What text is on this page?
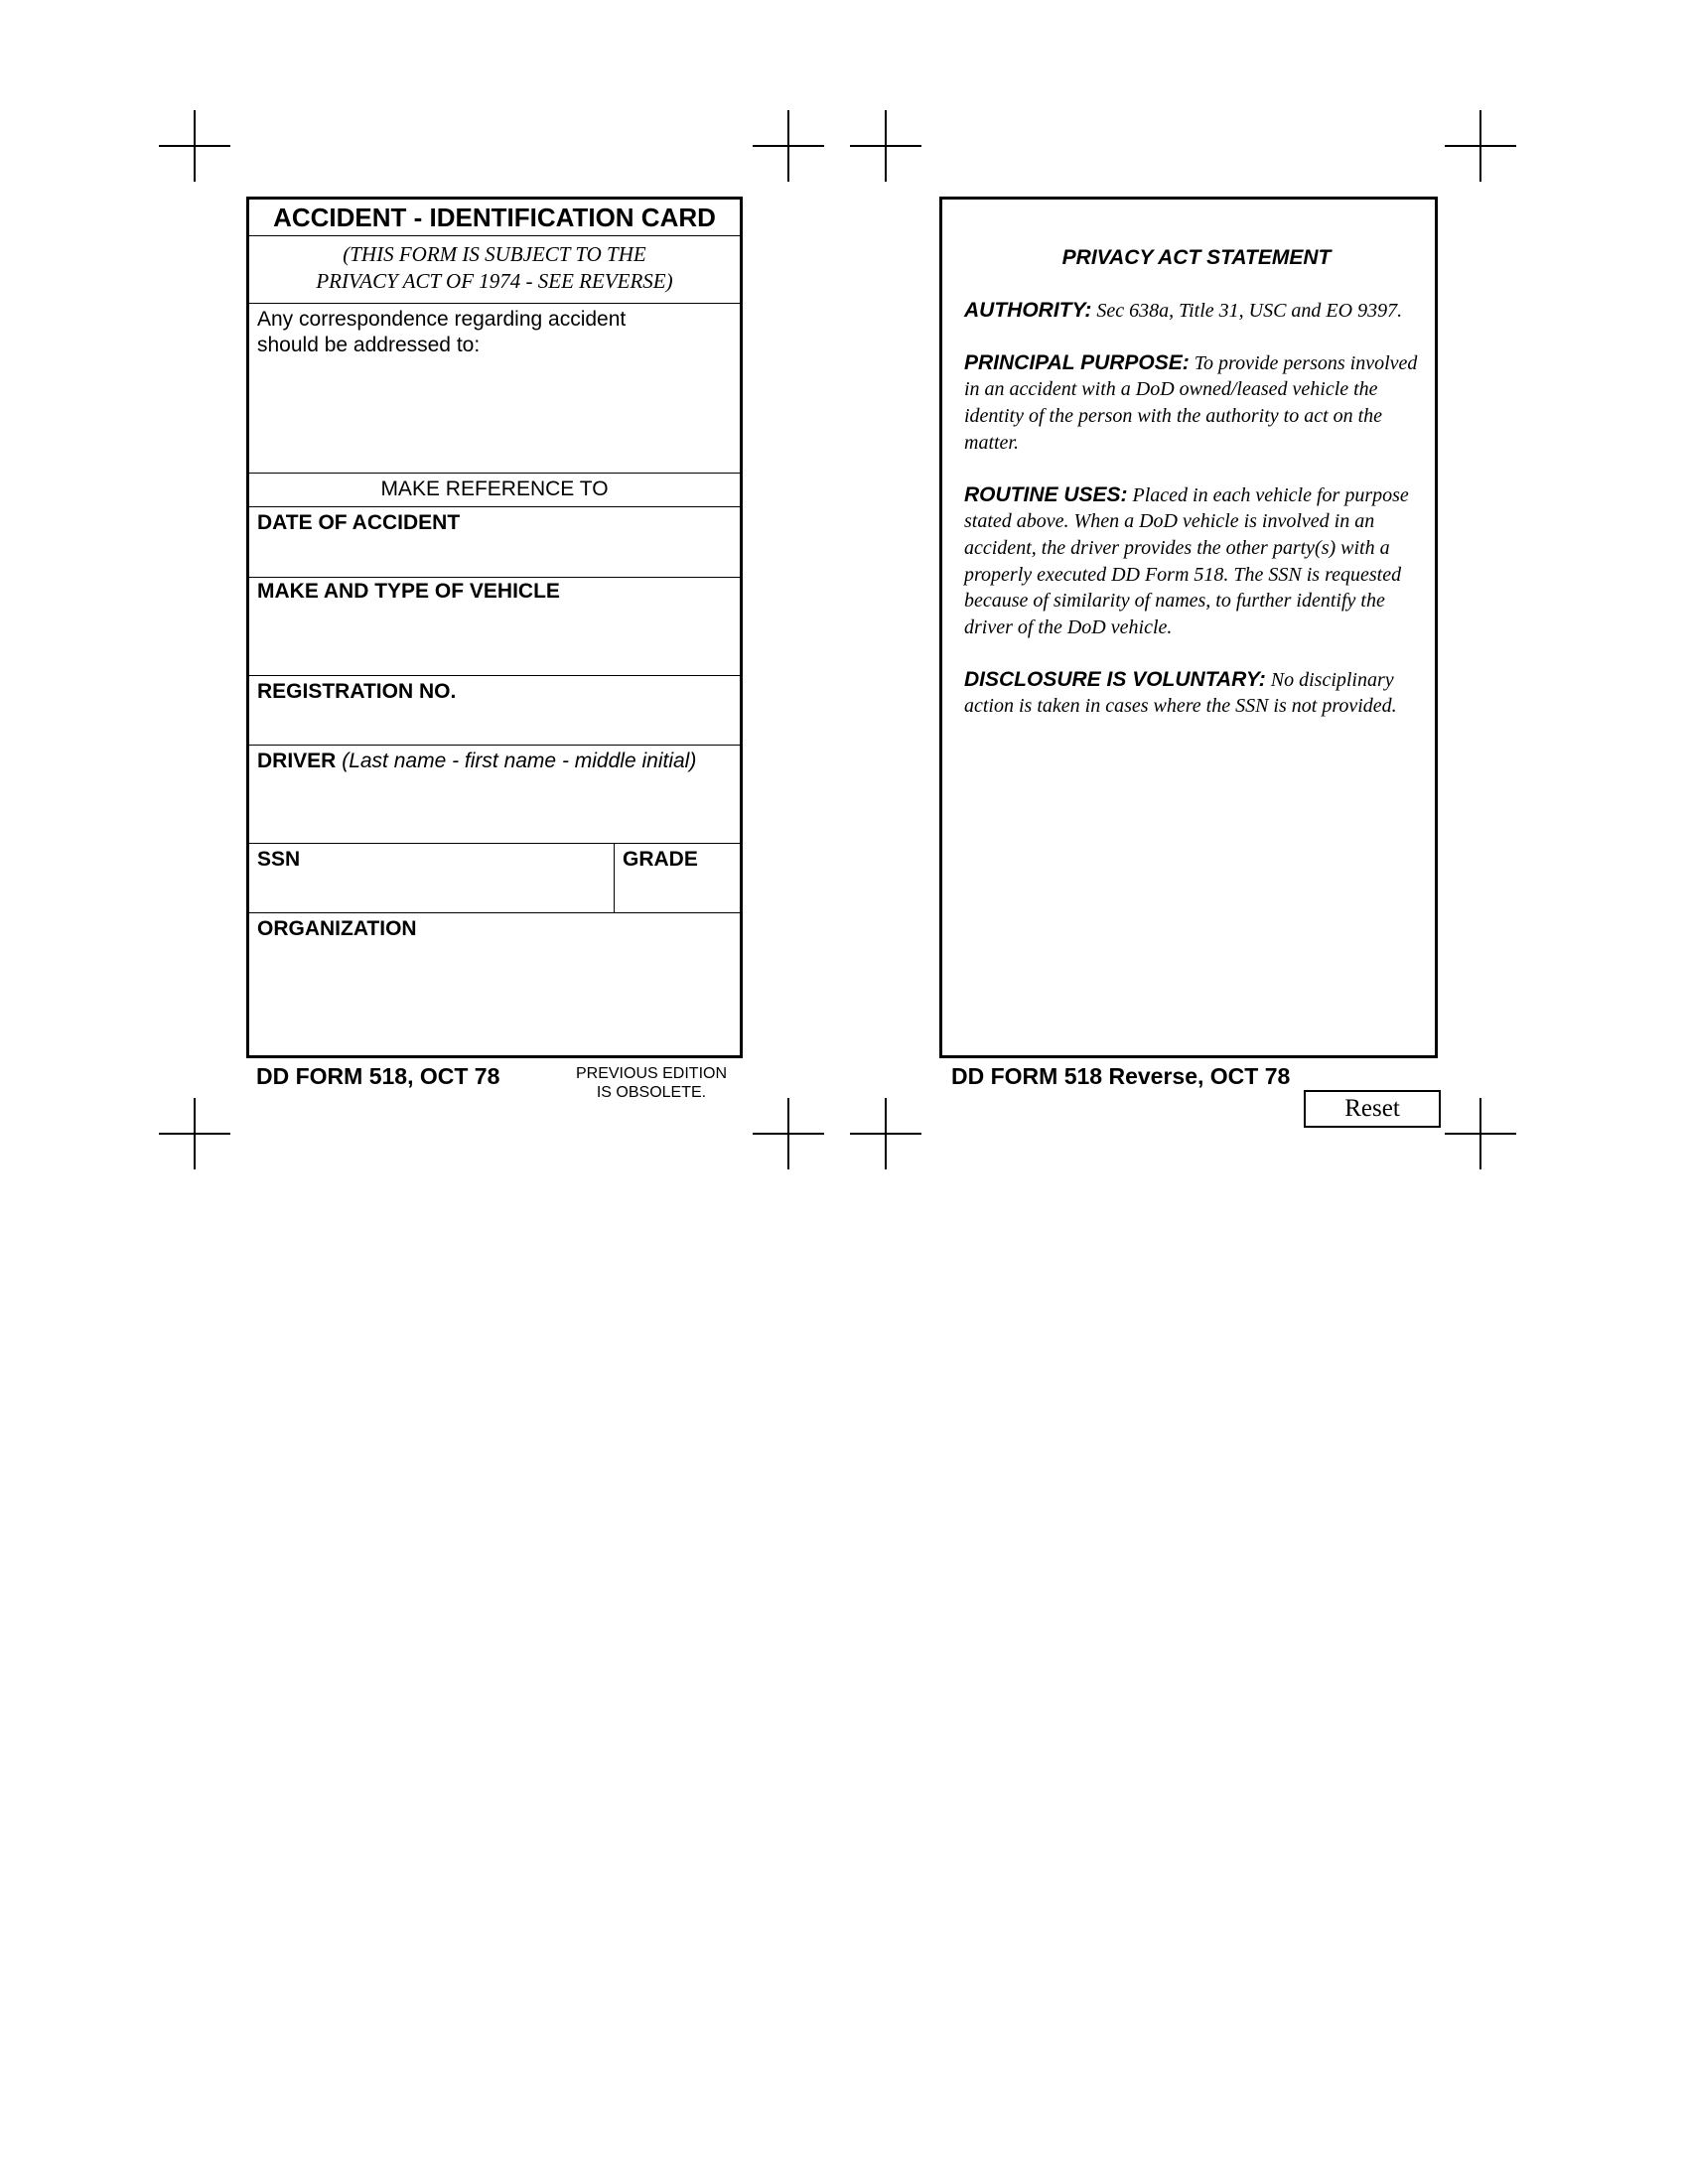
ACCIDENT - IDENTIFICATION CARD
(THIS FORM IS SUBJECT TO THE
PRIVACY ACT OF 1974 - SEE REVERSE)
Any correspondence regarding accident
should be addressed to:
MAKE REFERENCE TO
DATE OF ACCIDENT
MAKE AND TYPE OF VEHICLE
REGISTRATION NO.
DRIVER (Last name - first name - middle initial)
SSN	GRADE
ORGANIZATION
DD FORM 518, OCT 78	PREVIOUS EDITION
IS OBSOLETE.
PRIVACY ACT STATEMENT

AUTHORITY: Sec 638a, Title 31, USC and EO 9397.

PRINCIPAL PURPOSE: To provide persons involved in an accident with a DoD owned/leased vehicle the identity of the person with the authority to act on the matter.

ROUTINE USES: Placed in each vehicle for purpose stated above. When a DoD vehicle is involved in an accident, the driver provides the other party(s) with a properly executed DD Form 518. The SSN is requested because of similarity of names, to further identify the driver of the DoD vehicle.

DISCLOSURE IS VOLUNTARY: No disciplinary action is taken in cases where the SSN is not provided.

DD FORM 518 Reverse, OCT 78
Reset
